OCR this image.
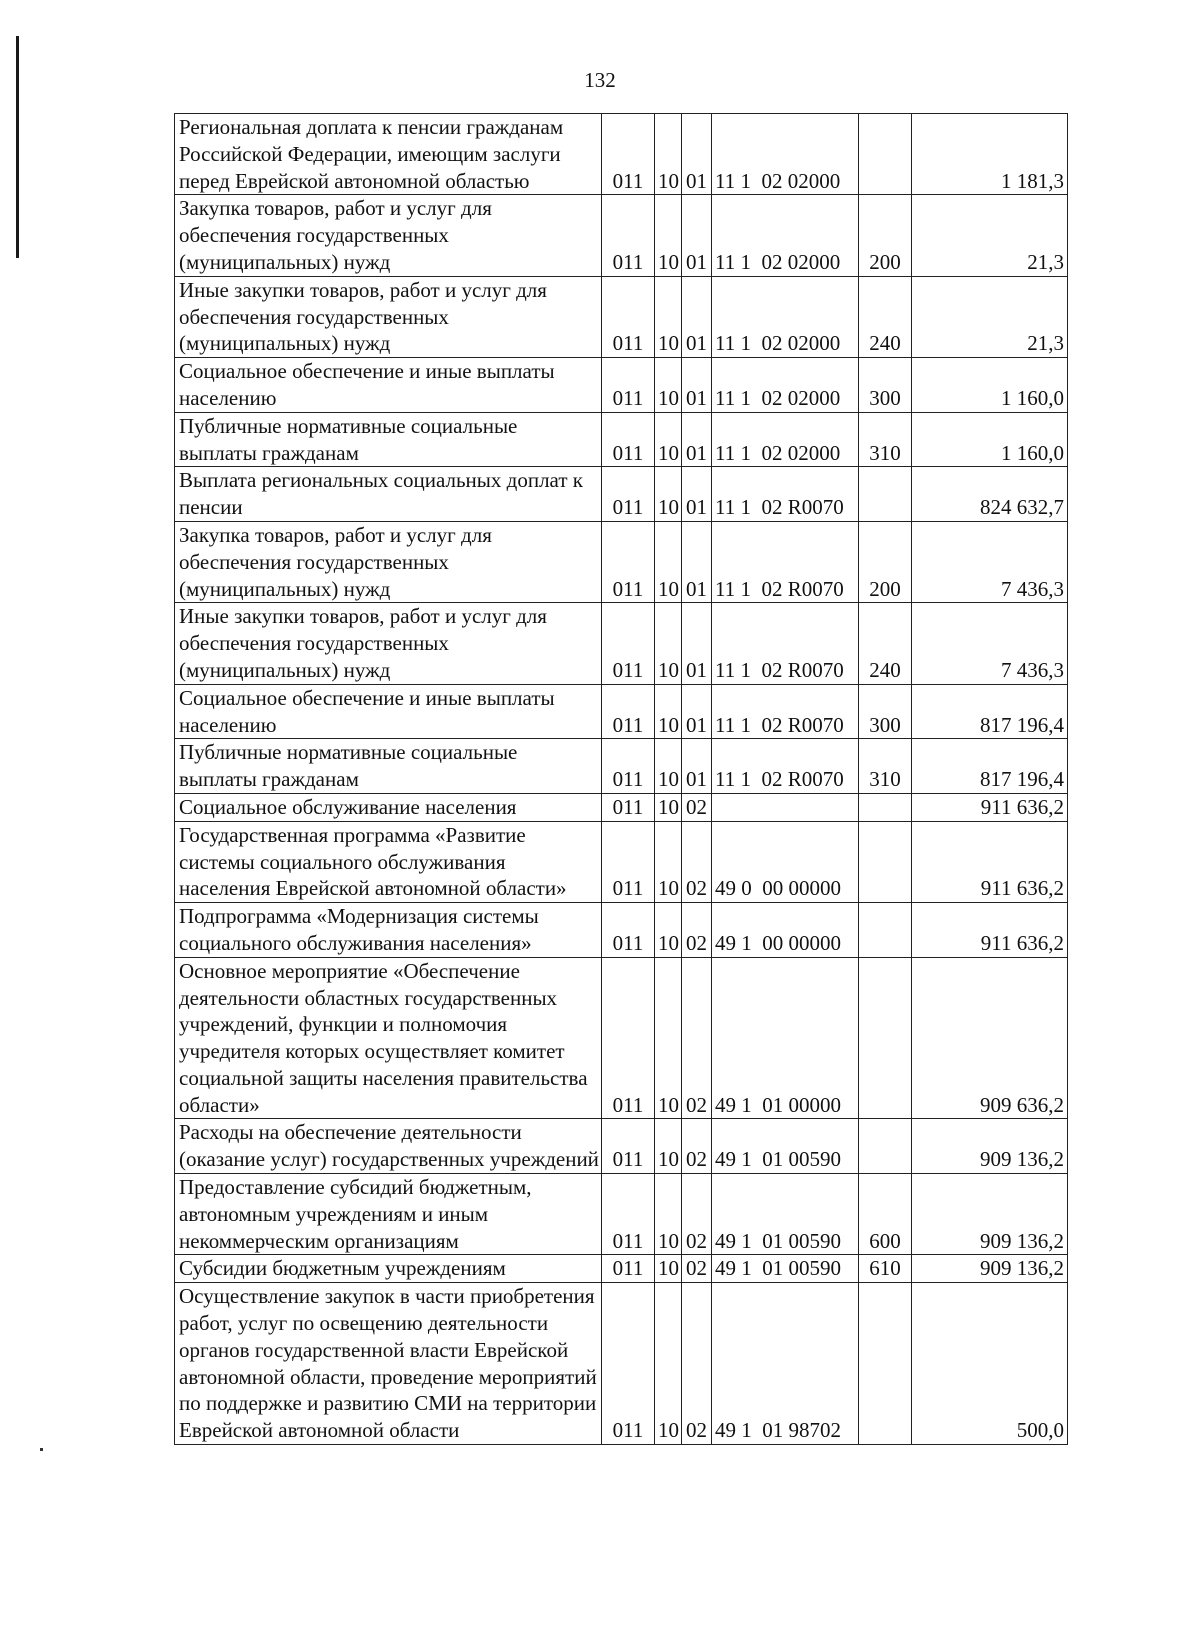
132
Региональная доплата к пенсии гражданам Российской Федерации, имеющим заслуги перед Еврейской автономной областью	011	10	01	11 1  02 02000		1 181,3
Закупка товаров, работ и услуг для обеспечения государственных (муниципальных) нужд	011	10	01	11 1  02 02000	200	21,3
Иные закупки товаров, работ и услуг для обеспечения государственных (муниципальных) нужд	011	10	01	11 1  02 02000	240	21,3
Социальное обеспечение и иные выплаты населению	011	10	01	11 1  02 02000	300	1 160,0
Публичные нормативные социальные выплаты гражданам	011	10	01	11 1  02 02000	310	1 160,0
Выплата региональных социальных доплат к пенсии	011	10	01	11 1  02 R0070		824 632,7
Закупка товаров, работ и услуг для обеспечения государственных (муниципальных) нужд	011	10	01	11 1  02 R0070	200	7 436,3
Иные закупки товаров, работ и услуг для обеспечения государственных (муниципальных) нужд	011	10	01	11 1  02 R0070	240	7 436,3
Социальное обеспечение и иные выплаты населению	011	10	01	11 1  02 R0070	300	817 196,4
Публичные нормативные социальные выплаты гражданам	011	10	01	11 1  02 R0070	310	817 196,4
Социальное обслуживание населения	011	10	02			911 636,2
Государственная программа «Развитие системы социального обслуживания населения Еврейской автономной области»	011	10	02	49 0  00 00000		911 636,2
Подпрограмма «Модернизация системы социального обслуживания населения»	011	10	02	49 1  00 00000		911 636,2
Основное мероприятие «Обеспечение деятельности областных государственных учреждений, функции и полномочия учредителя которых осуществляет комитет социальной защиты населения правительства области»	011	10	02	49 1  01 00000		909 636,2
Расходы на обеспечение деятельности (оказание услуг) государственных учреждений	011	10	02	49 1  01 00590		909 136,2
Предоставление субсидий бюджетным, автономным учреждениям и иным некоммерческим организациям	011	10	02	49 1  01 00590	600	909 136,2
Субсидии бюджетным учреждениям	011	10	02	49 1  01 00590	610	909 136,2
Осуществление закупок в части приобретения работ, услуг по освещению деятельности органов государственной власти Еврейской автономной области, проведение мероприятий по поддержке и развитию СМИ на территории Еврейской автономной области	011	10	02	49 1  01 98702		500,0
